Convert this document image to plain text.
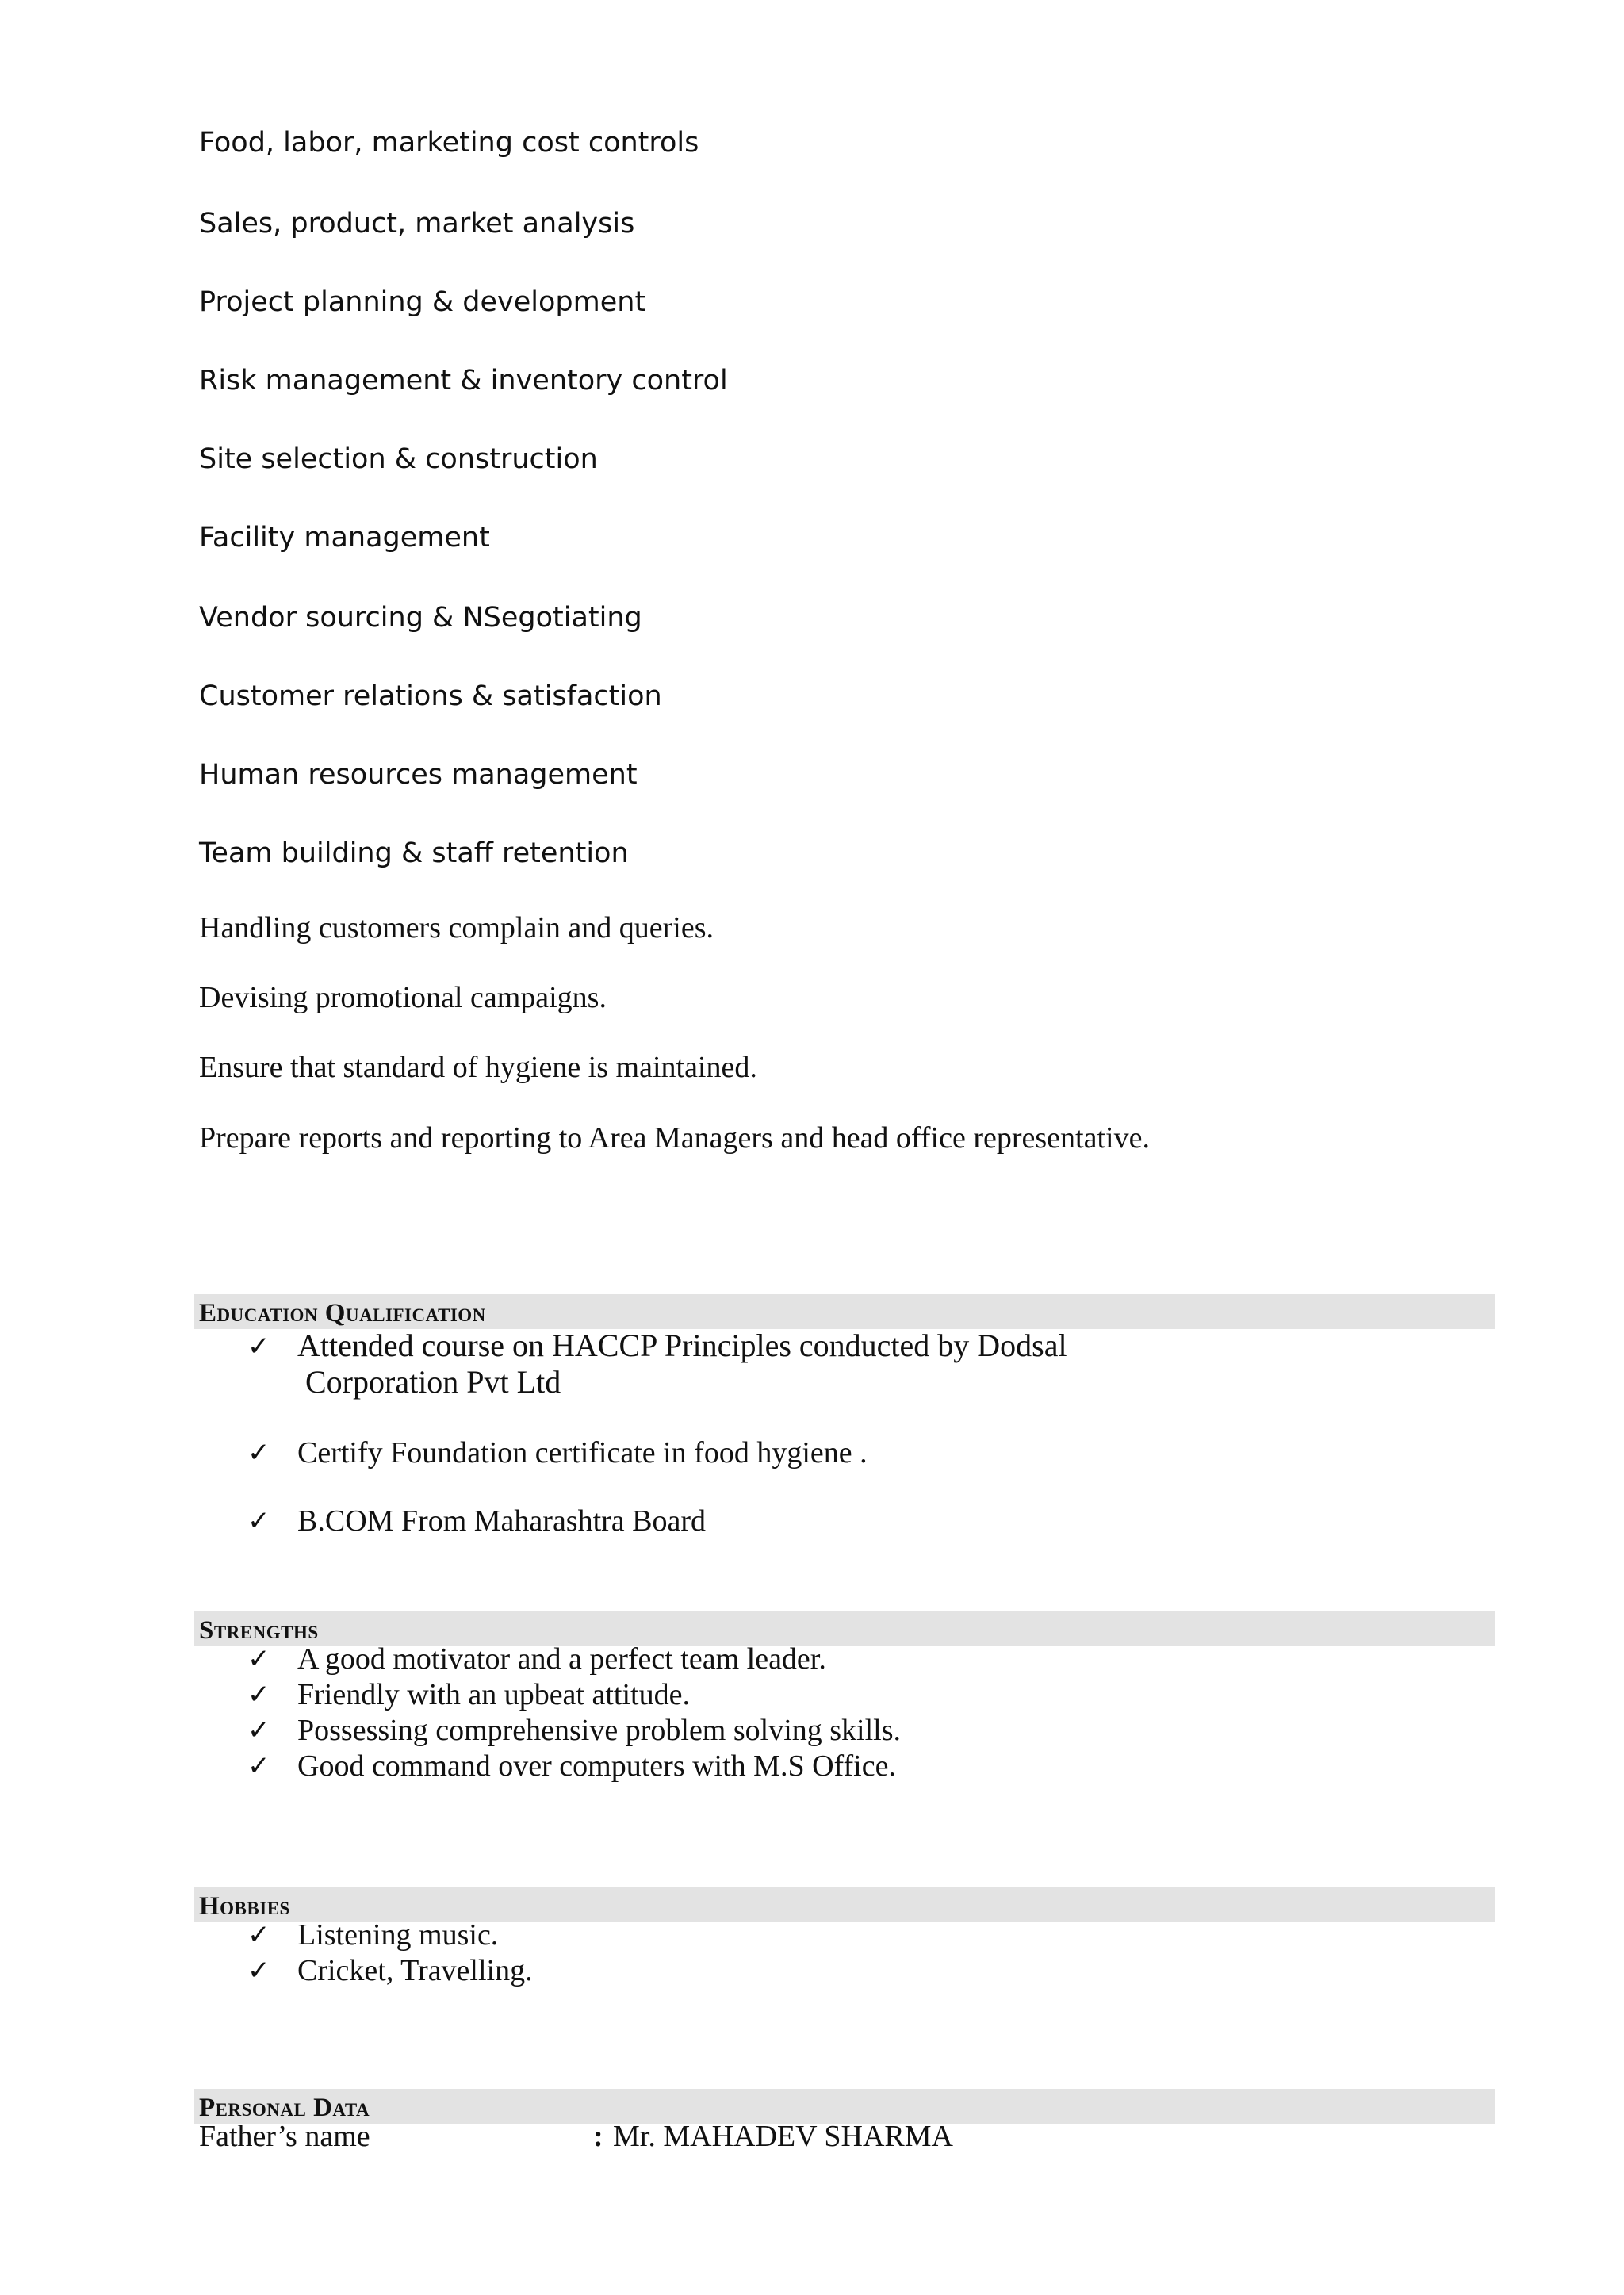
Food, labor, marketing cost controls

Sales, product, market analysis

Project planning & development

Risk management & inventory control

Site selection & construction

Facility management

Vendor sourcing & NSegotiating

Customer relations & satisfaction

Human resources management

Team building & staff retention

Handling customers complain and queries.

Devising promotional campaigns.

Ensure that standard of hygiene is maintained.

Prepare reports and reporting to Area Managers and head office representative.

Education Qualification

✓ Attended course on HACCP Principles conducted by Dodsal

Corporation Pvt Ltd

✓ Certify Foundation certificate in food hygiene .

✓ B.COM From Maharashtra Board

Strengths

✓ A good motivator and a perfect team leader.

✓ Friendly with an upbeat attitude.

✓ Possessing comprehensive problem solving skills.

✓ Good command over computers with M.S Office.

Hobbies

✓ Listening music.

✓ Cricket, Travelling.

Personal Data

Father’s name	: Mr. MAHADEV SHARMA
